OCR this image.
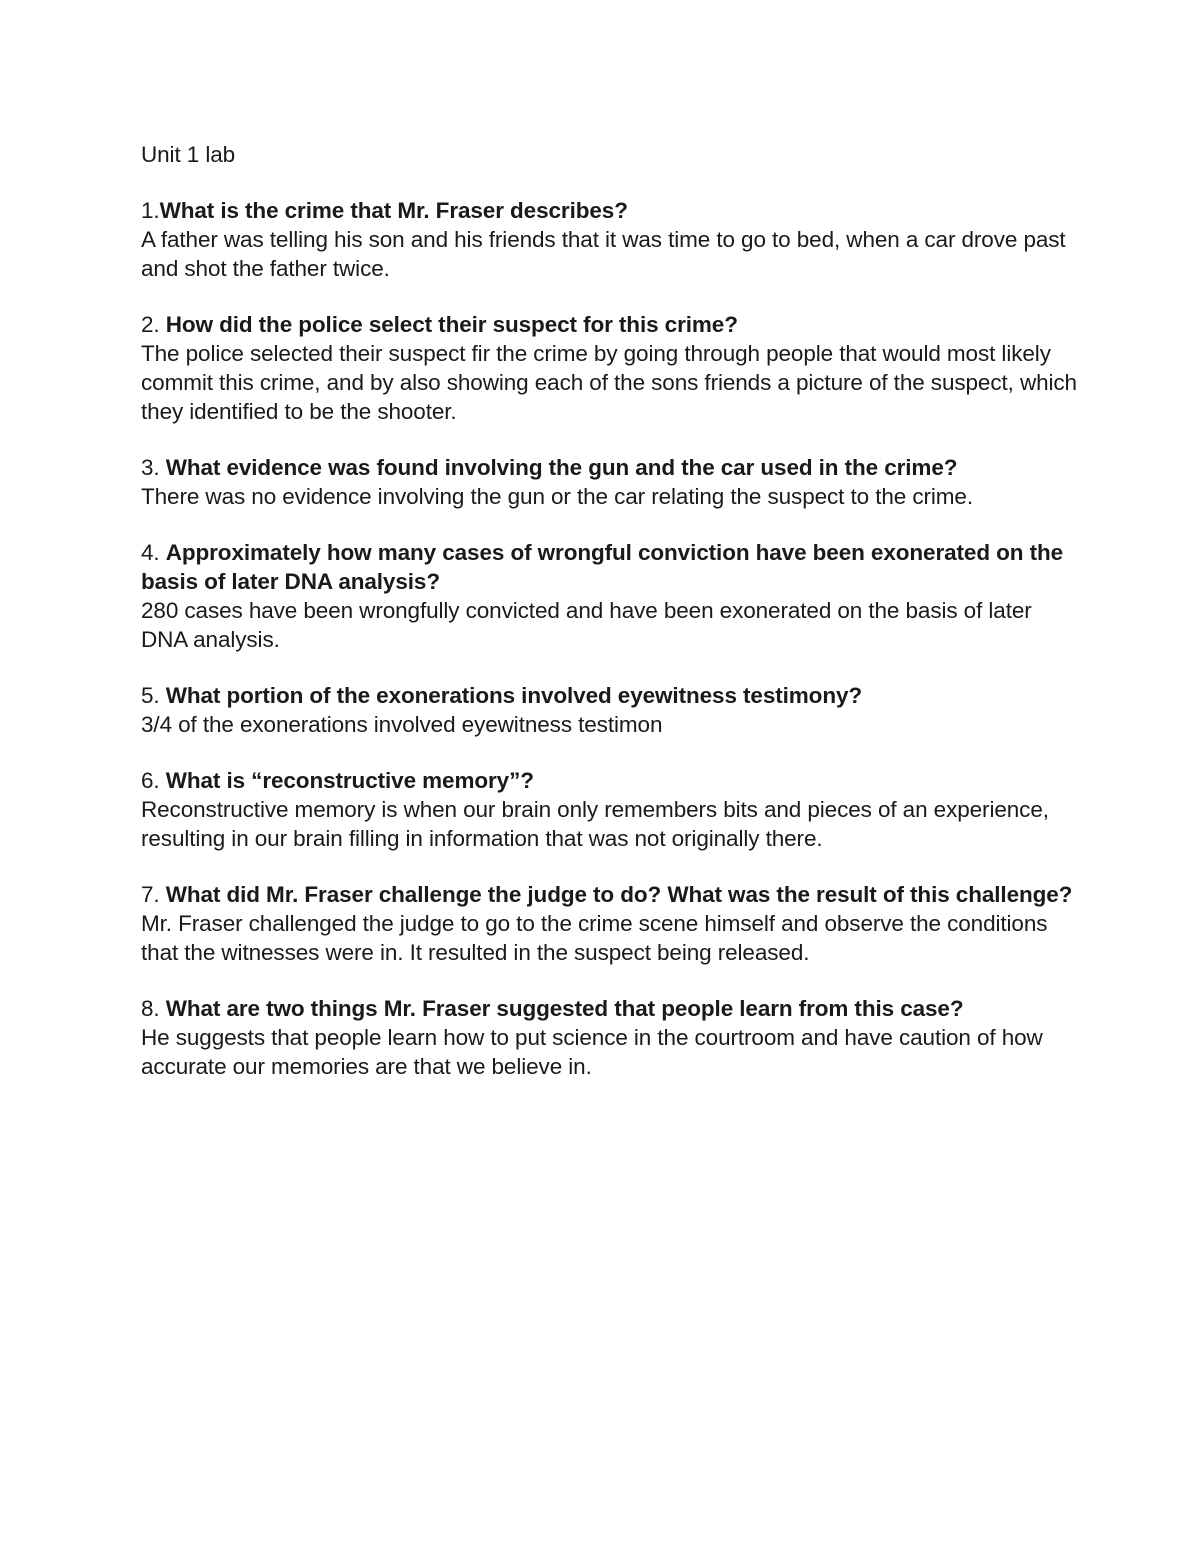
Unit 1 lab

1.What is the crime that Mr. Fraser describes?

A father was telling his son and his friends that it was time to go to bed, when a car drove past and shot the father twice.

2. How did the police select their suspect for this crime?

The police selected their suspect fir the crime by going through people that would most likely commit this crime, and by also showing each of the sons friends a picture of the suspect, which they identified to be the shooter.

3. What evidence was found involving the gun and the car used in the crime?

There was no evidence involving the gun or the car relating the suspect to the crime.

4. Approximately how many cases of wrongful conviction have been exonerated on the basis of later DNA analysis?

280 cases have been wrongfully convicted and have been exonerated on the basis of later DNA analysis.

5. What portion of the exonerations involved eyewitness testimony?

3/4 of the exonerations involved eyewitness testimon

6. What is “reconstructive memory”?

Reconstructive memory is when our brain only remembers bits and pieces of an experience, resulting in our brain filling in information that was not originally there.

7. What did Mr. Fraser challenge the judge to do? What was the result of this challenge?

Mr. Fraser challenged the judge to go to the crime scene himself and observe the conditions that the witnesses were in. It resulted in the suspect being released.

8. What are two things Mr. Fraser suggested that people learn from this case?

He suggests that people learn how to put science in the courtroom and have caution of how accurate our memories are that we believe in.
